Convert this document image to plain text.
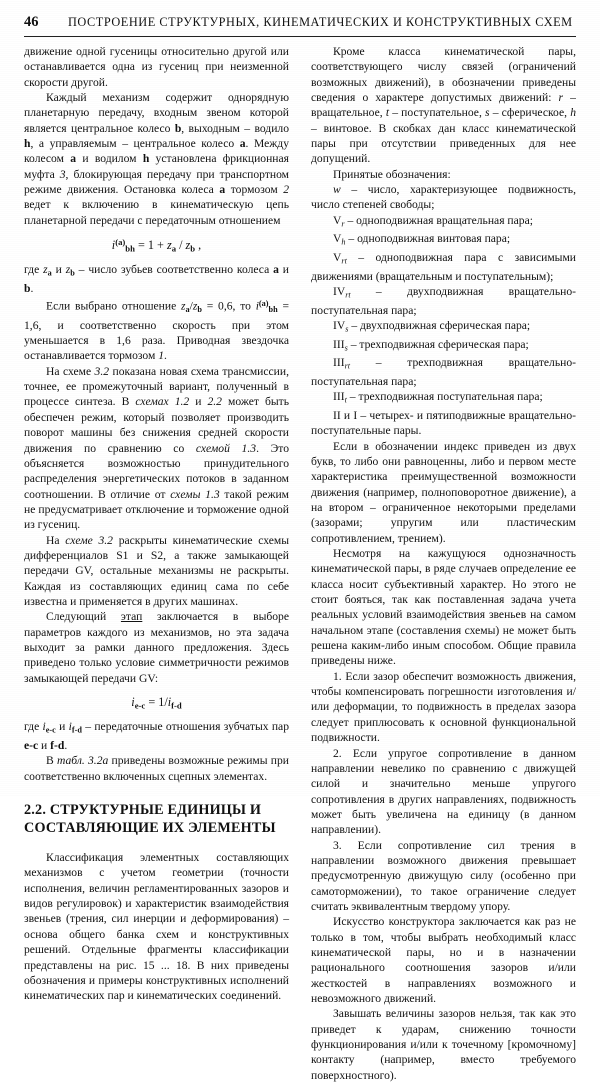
46	ПОСТРОЕНИЕ СТРУКТУРНЫХ, КИНЕМАТИЧЕСКИХ И КОНСТРУКТИВНЫХ СХЕМ

движение одной гусеницы относительно другой или останавливается одна из гусениц при неизменной скорости другой.

Каждый механизм содержит однорядную планетарную передачу, входным звеном которой является центральное колесо b, выходным – водило h, а управляемым – центральное колесо a. Между колесом a и водилом h установлена фрикционная муфта 3, блокирующая передачу при транспортном режиме движения. Остановка колеса a тормозом 2 ведет к включению в кинематическую цепь планетарной передачи с передаточным отношением

$i^{(a)}_{bh} = 1 + z_a / z_b$ ,

где $z_a$ и $z_b$ – число зубьев соответственно колеса a и b.

Если выбрано отношение $z_a/z_b = 0,6$, то $i^{(a)}_{bh} = 1,6$, и соответственно скорость при этом уменьшается в 1,6 раза. Приводная звездочка останавливается тормозом 1.

На схеме 3.2 показана новая схема трансмиссии, точнее, ее промежуточный вариант, полученный в процессе синтеза. В схемах 1.2 и 2.2 может быть обеспечен режим, который позволяет производить поворот машины без снижения средней скорости движения по сравнению со схемой 1.3. Это объясняется возможностью принудительного распределения энергетических потоков в заданном соотношении. В отличие от схемы 1.3 такой режим не предусматривает отключение и торможение одной из гусениц.

На схеме 3.2 раскрыты кинематические схемы дифференциалов S1 и S2, а также замыкающей передачи GV, остальные механизмы не раскрыты. Каждая из составляющих единиц сама по себе известна и применяется в других машинах.

Следующий этап заключается в выборе параметров каждого из механизмов, но эта задача выходит за рамки данного предложения. Здесь приведено только условие симметричности режимов замыкающей передачи GV:

$i_{e-c} = 1/i_{f-d}$

где $i_{e-c}$ и $i_{f-d}$ – передаточные отношения зубчатых пар e-c и f-d.

В табл. 3.2а приведены возможные режимы при соответственно включенных сцепных элементах.

2.2. СТРУКТУРНЫЕ ЕДИНИЦЫ И
СОСТАВЛЯЮЩИЕ ИХ ЭЛЕМЕНТЫ

Классификация элементных составляющих механизмов с учетом геометрии (точности исполнения, величин регламентированных зазоров и видов регулировок) и характеристик взаимодействия звеньев (трения, сил инерции и деформирования) – основа общего банка схем и конструктивных решений. Отдельные фрагменты классификации представлены на рис. 15 ... 18. В них приведены обозначения и примеры конструктивных исполнений кинематических пар и кинематических соединений.

Кроме класса кинематической пары, соответствующего числу связей (ограничений возможных движений), в обозначении приведены сведения о характере допустимых движений: r – вращательное, t – поступательное, s – сферическое, h – винтовое. В скобках дан класс кинематической пары при отсутствии приведенных для нее допущений.

Принятые обозначения:

w – число, характеризующее подвижность, число степеней свободы;

$V_r$ – одноподвижная вращательная пара;

$V_h$ – одноподвижная винтовая пара;

$V_{rt}$ – одноподвижная пара с зависимыми движениями (вращательным и поступательным);

$IV_{rt}$ – двухподвижная вращательно-поступательная пара;

$IV_s$ – двухподвижная сферическая пара;

$III_s$ – трехподвижная сферическая пара;

$III_{rt}$ – трехподвижная вращательно-поступательная пара;

$III_t$ – трехподвижная поступательная пара;

II и I – четырех- и пятиподвижные вращательно-поступательные пары.

Если в обозначении индекс приведен из двух букв, то либо они равноценны, либо и первом месте характеристика преимущественной возможности движения (например, полноповоротное движение), а на втором – ограниченное некоторыми пределами (зазорами; упругим или пластическим сопротивлением, трением).

Несмотря на кажущуюся однозначность кинематической пары, в ряде случаев определение ее класса носит субъективный характер. Но этого не стоит бояться, так как поставленная задача учета реальных условий взаимодействия звеньев на самом начальном этапе (составления схемы) не может быть решена каким-либо иным способом. Общие правила приведены ниже.

1. Если зазор обеспечит возможность движения, чтобы компенсировать погрешности изготовления и/или деформации, то подвижность в пределах зазора следует приплюсовать к основной функциональной подвижности.

2. Если упругое сопротивление в данном направлении невелико по сравнению с движущей силой и значительно меньше упругого сопротивления в других направлениях, подвижность может быть увеличена на единицу (в данном направлении).

3. Если сопротивление сил трения в направлении возможного движения превышает предусмотренную движущую силу (особенно при самоторможении), то такое ограничение следует считать эквивалентным твердому упору.

Искусство конструктора заключается как раз не только в том, чтобы выбрать необходимый класс кинематической пары, но и в назначении рационального соотношения зазоров и/или жесткостей в направлениях возможного и невозможного движений.

Завышать величины зазоров нельзя, так как это приведет к ударам, снижению точности функционирования и/или к точечному [кромочному] контакту (например, вместо требуемого поверхностного).
